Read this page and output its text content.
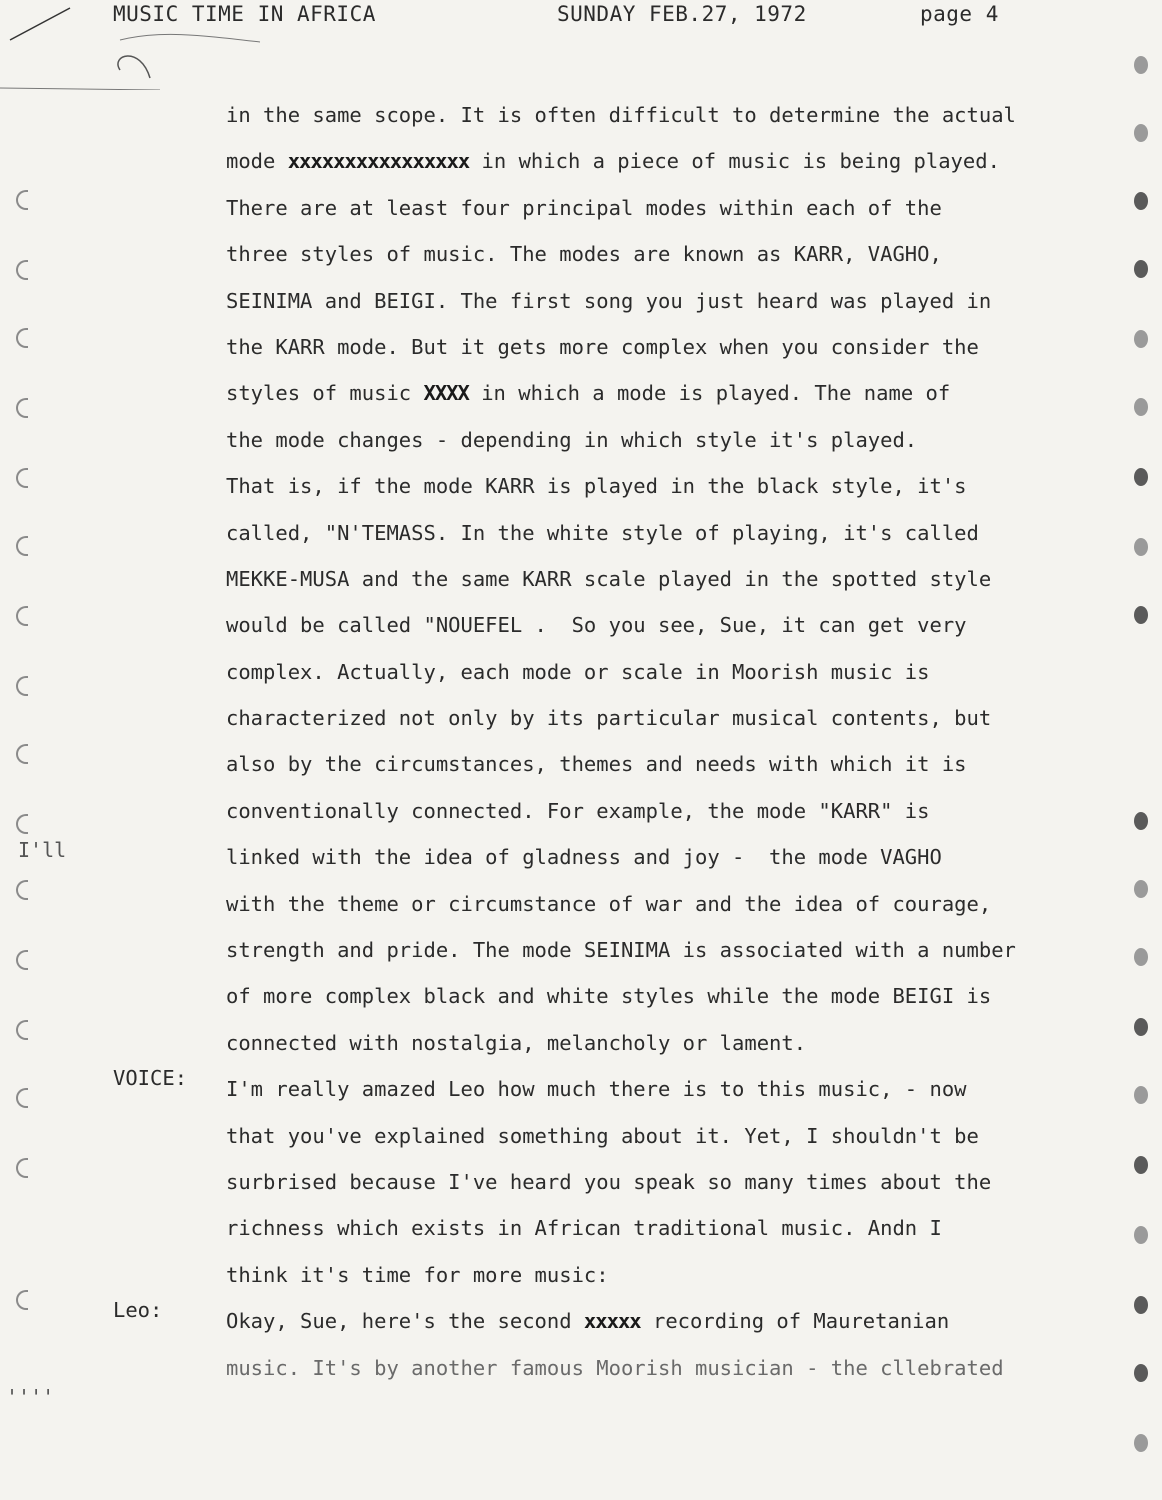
MUSIC TIME IN AFRICA	SUNDAY FEB.27, 1972	page 4
in the same scope. It is often difficult to determine the actual
mode xxxxxxxxxxxxxxxx in which a piece of music is being played.
There are at least four principal modes within each of the
three styles of music. The modes are known as KARR, VAGHO,
SEINIMA and BEIGI. The first song you just heard was played in
the KARR mode. But it gets more complex when you consider the
styles of music XXXX in which a mode is played. The name of
the mode changes - depending in which style it's played.
That is, if the mode KARR is played in the black style, it's
called, "N'TEMASS. In the white style of playing, it's called
MEKKE-MUSA and the same KARR scale played in the spotted style
would be called "NOUEFEL .  So you see, Sue, it can get very
complex. Actually, each mode or scale in Moorish music is
characterized not only by its particular musical contents, but
also by the circumstances, themes and needs with which it is
conventionally connected. For example, the mode "KARR" is
linked with the idea of gladness and joy -  the mode VAGHO
with the theme or circumstance of war and the idea of courage,
strength and pride. The mode SEINIMA is associated with a number
of more complex black and white styles while the mode BEIGI is
connected with nostalgia, melancholy or lament.
I'm really amazed Leo how much there is to this music, - now
that you've explained something about it. Yet, I shouldn't be
surbrised because I've heard you speak so many times about the
richness which exists in African traditional music. Andn I
think it's time for more music:
Okay, Sue, here's the second xxxxx recording of Mauretanian
music. It's by another famous Moorish musician - the cllebrated
VOICE:
Leo:
I'll
''''
